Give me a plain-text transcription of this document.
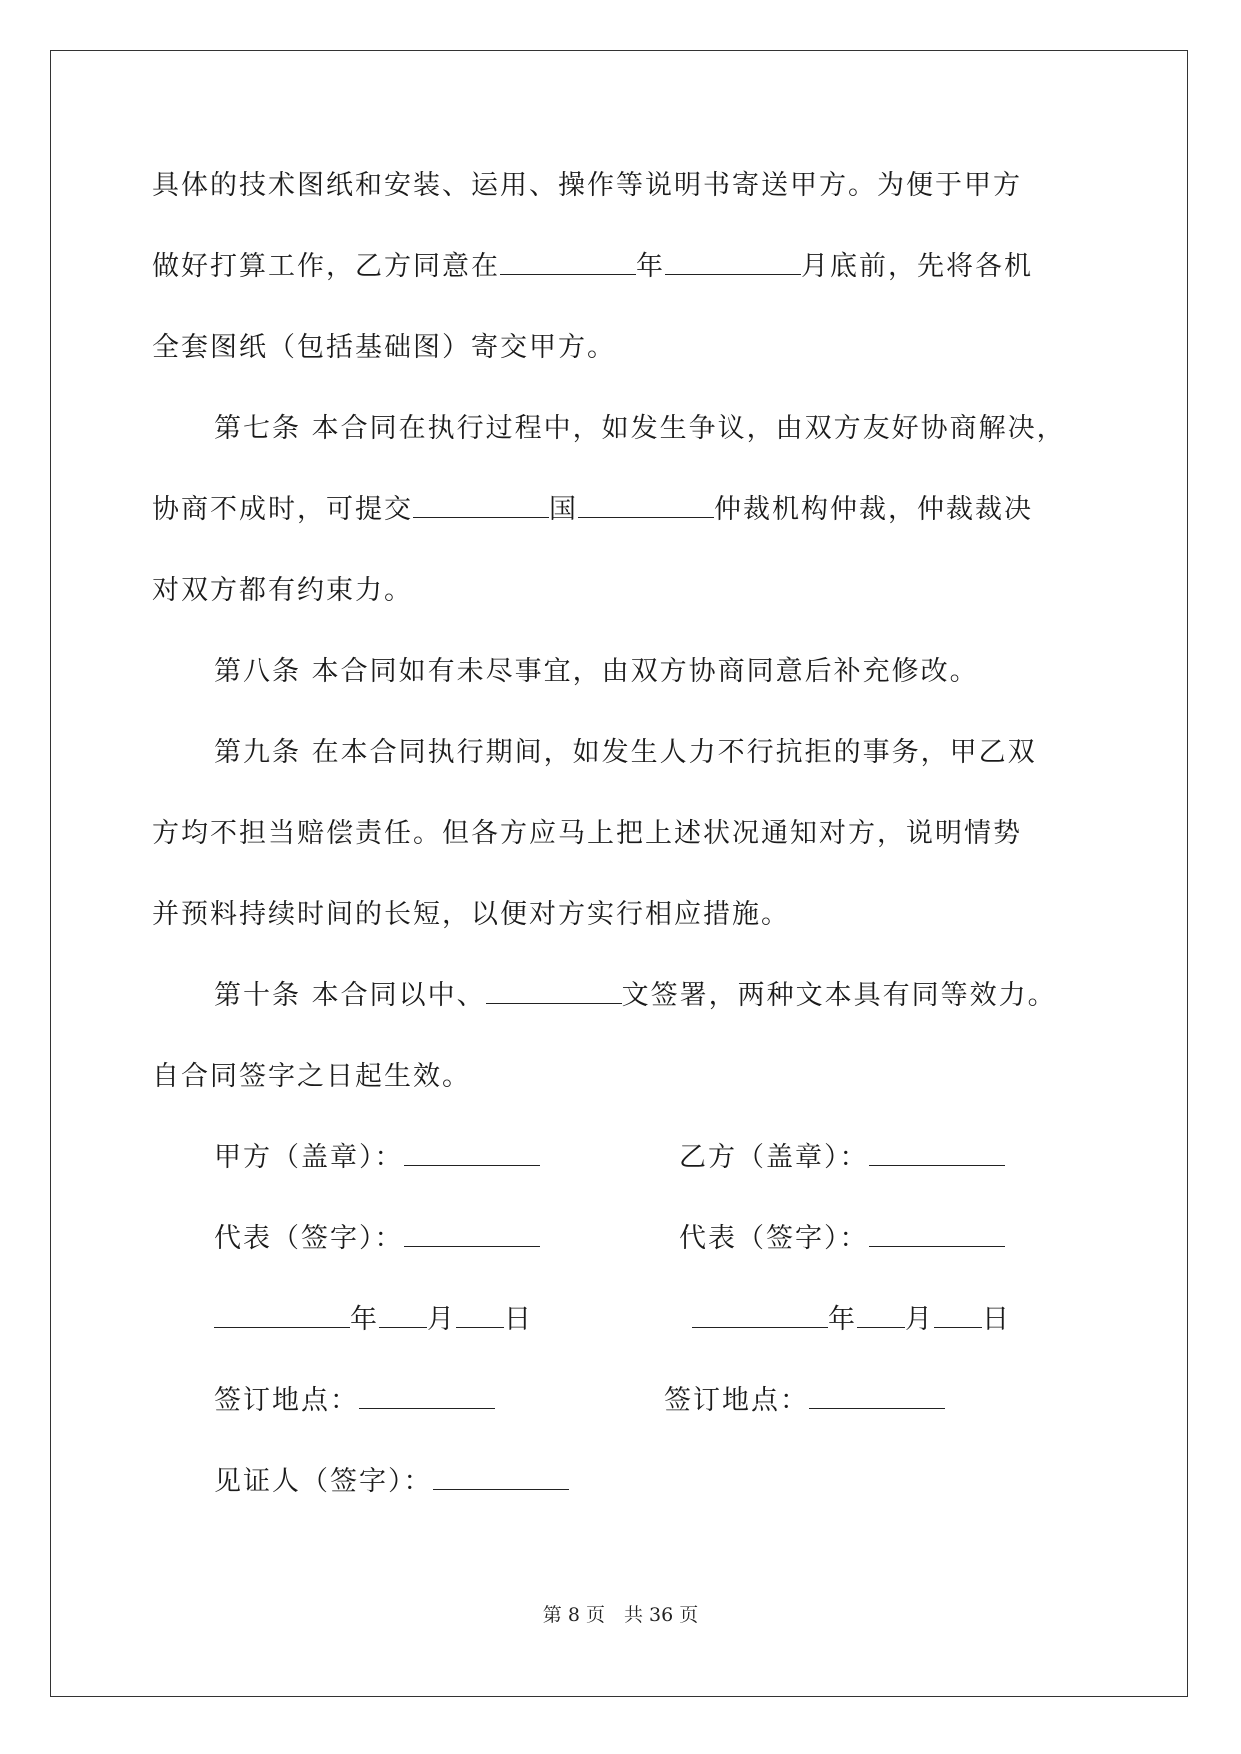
具体的技术图纸和安装、运用、操作等说明书寄送甲方。为便于甲方
做好打算工作，乙方同意在	年	月底前，先将各机
全套图纸（包括基础图）寄交甲方。
第七条 本合同在执行过程中，如发生争议，由双方友好协商解决，
协商不成时，可提交	国	仲裁机构仲裁，仲裁裁决
对双方都有约束力。
第八条 本合同如有未尽事宜，由双方协商同意后补充修改。
第九条 在本合同执行期间，如发生人力不行抗拒的事务，甲乙双
方均不担当赔偿责任。但各方应马上把上述状况通知对方，说明情势
并预料持续时间的长短，以便对方实行相应措施。
第十条 本合同以中、	文签署，两种文本具有同等效力。
自合同签字之日起生效。
甲方（盖章）：	乙方（盖章）：
代表（签字）：	代表（签字）：
年 月 日	年 月 日
签订地点：	签订地点：
见证人（签字）：
第 8 页　共 36 页
